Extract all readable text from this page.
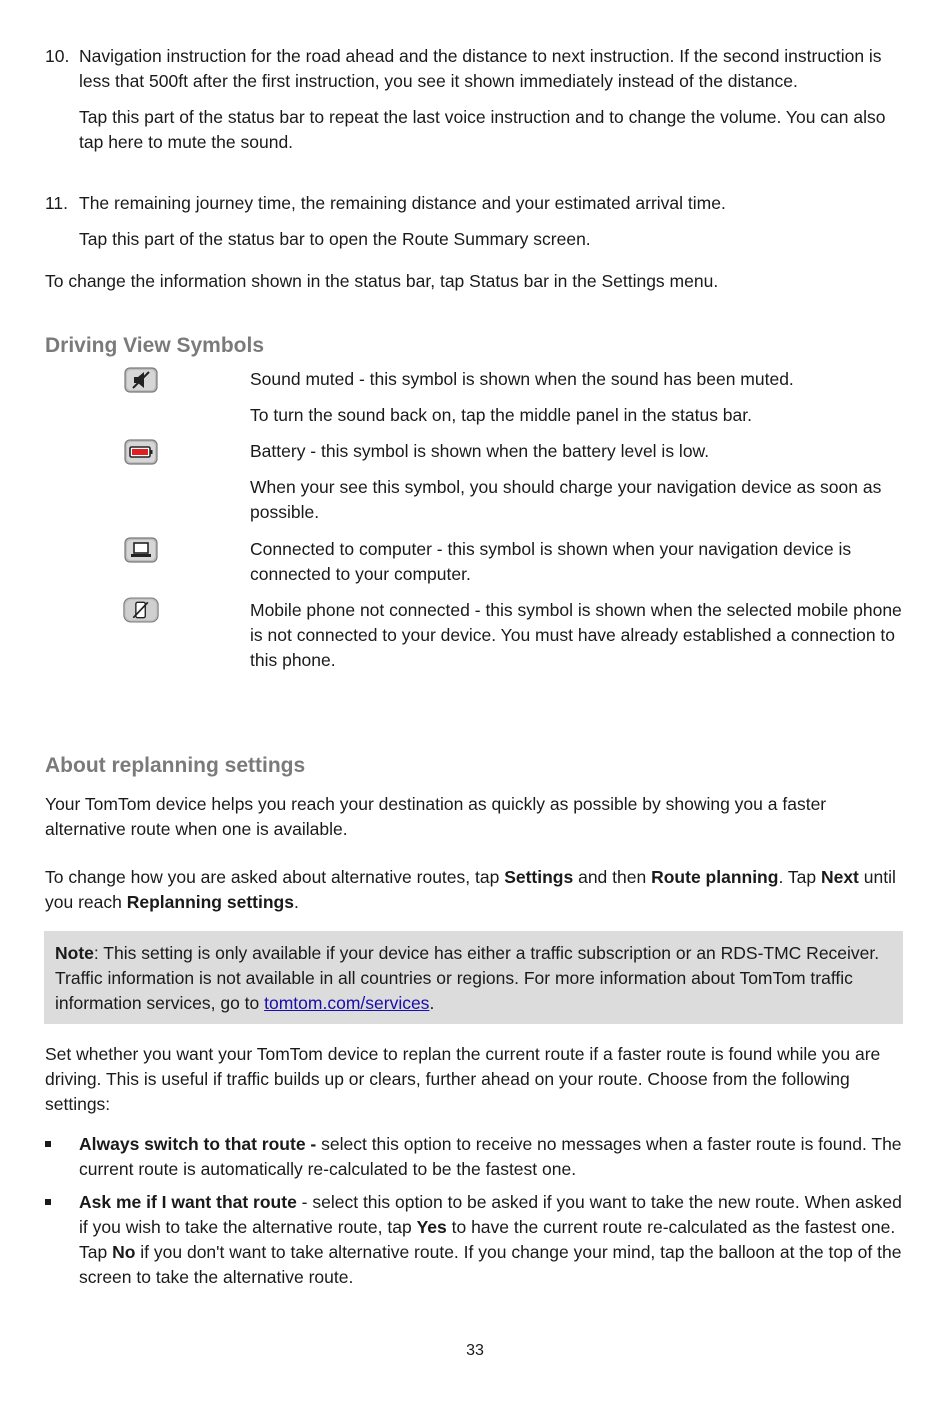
10. Navigation instruction for the road ahead and the distance to next instruction. If the second instruction is less that 500ft after the first instruction, you see it shown immediately instead of the distance.

Tap this part of the status bar to repeat the last voice instruction and to change the volume. You can also tap here to mute the sound.

11. The remaining journey time, the remaining distance and your estimated arrival time.

Tap this part of the status bar to open the Route Summary screen.

To change the information shown in the status bar, tap Status bar in the Settings menu.

Driving View Symbols

Sound muted - this symbol is shown when the sound has been muted.

To turn the sound back on, tap the middle panel in the status bar.

Battery - this symbol is shown when the battery level is low.

When your see this symbol, you should charge your navigation device as soon as possible.

Connected to computer - this symbol is shown when your navigation device is connected to your computer.

Mobile phone not connected - this symbol is shown when the selected mobile phone is not connected to your device. You must have already established a connection to this phone.

About replanning settings

Your TomTom device helps you reach your destination as quickly as possible by showing you a faster alternative route when one is available.

To change how you are asked about alternative routes, tap Settings and then Route planning. Tap Next until you reach Replanning settings.

Note: This setting is only available if your device has either a traffic subscription or an RDS-TMC Receiver. Traffic information is not available in all countries or regions. For more information about TomTom traffic information services, go to tomtom.com/services.

Set whether you want your TomTom device to replan the current route if a faster route is found while you are driving. This is useful if traffic builds up or clears, further ahead on your route. Choose from the following settings:

Always switch to that route - select this option to receive no messages when a faster route is found. The current route is automatically re-calculated to be the fastest one.

Ask me if I want that route - select this option to be asked if you want to take the new route. When asked if you wish to take the alternative route, tap Yes to have the current route re-calculated as the fastest one. Tap No if you don't want to take alternative route. If you change your mind, tap the balloon at the top of the screen to take the alternative route.

33
